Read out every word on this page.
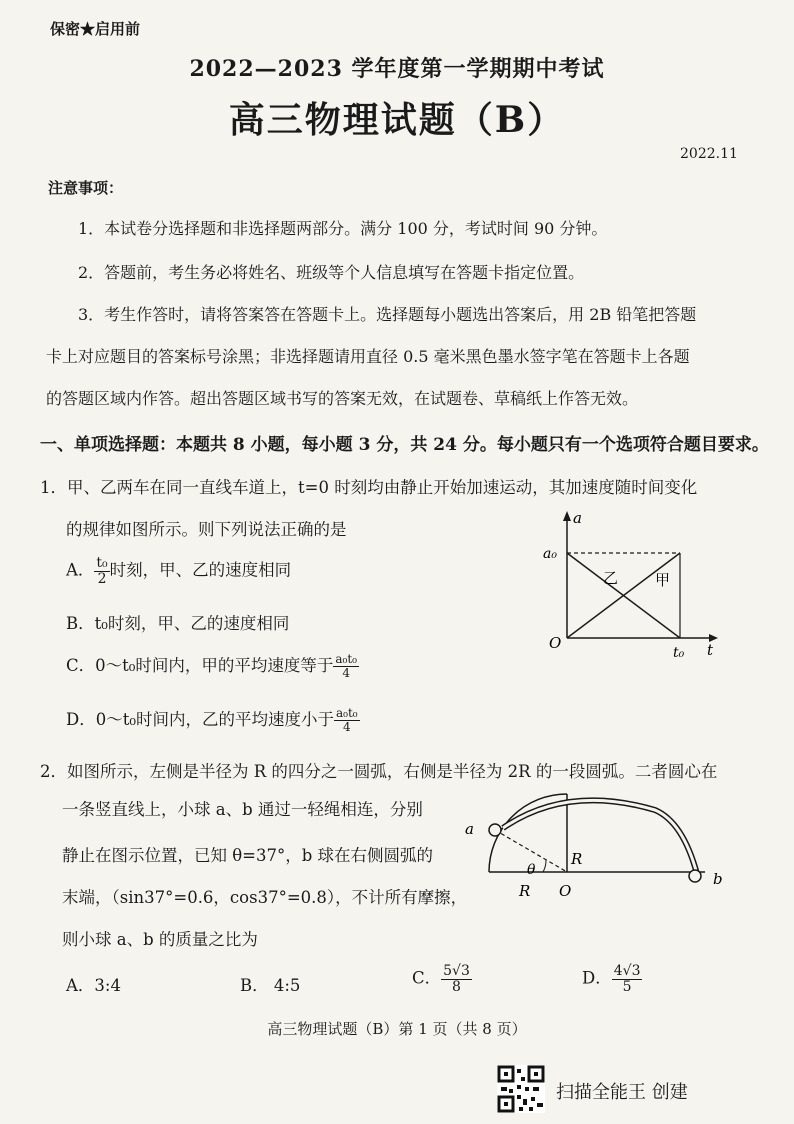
保密★启用前
2022—2023 学年度第一学期期中考试
高三物理试题（B）
2022.11
注意事项：
1．本试卷分选择题和非选择题两部分。满分 100 分，考试时间 90 分钟。
2．答题前，考生务必将姓名、班级等个人信息填写在答题卡指定位置。
3．考生作答时，请将答案答在答题卡上。选择题每小题选出答案后，用 2B 铅笔把答题
卡上对应题目的答案标号涂黑；非选择题请用直径 0.5 毫米黑色墨水签字笔在答题卡上各题
的答题区域内作答。超出答题区域书写的答案无效，在试题卷、草稿纸上作答无效。
一、单项选择题：本题共 8 小题，每小题 3 分，共 24 分。每小题只有一个选项符合题目要求。
1．甲、乙两车在同一直线车道上，t=0 时刻均由静止开始加速运动，其加速度随时间变化
的规律如图所示。则下列说法正确的是
A． $\frac{\text{t₀}}{2}$ 时刻，甲、乙的速度相同
B．t₀时刻，甲、乙的速度相同
C．0～t₀时间内，甲的平均速度等于 $\frac{\text{a₀t₀}}{4}$
D．0～t₀时间内，乙的平均速度小于 $\frac{\text{a₀t₀}}{4}$
a
t
a₀
O
t₀
乙 甲
2．如图所示，左侧是半径为 R 的四分之一圆弧，右侧是半径为 2R 的一段圆弧。二者圆心在
一条竖直线上，小球 a、b 通过一轻绳相连，分别
静止在图示位置，已知 θ=37°，b 球在右侧圆弧的
末端，（sin37°=0.6，cos37°=0.8），不计所有摩擦，
则小球 a、b 的质量之比为
a
b
R
R
θ
O
A．3:4	B． 4:5	C． $\frac{5√3}{8}$	D． $\frac{4√3}{5}$
高三物理试题（B）第 1 页（共 8 页）
扫描全能王 创建
